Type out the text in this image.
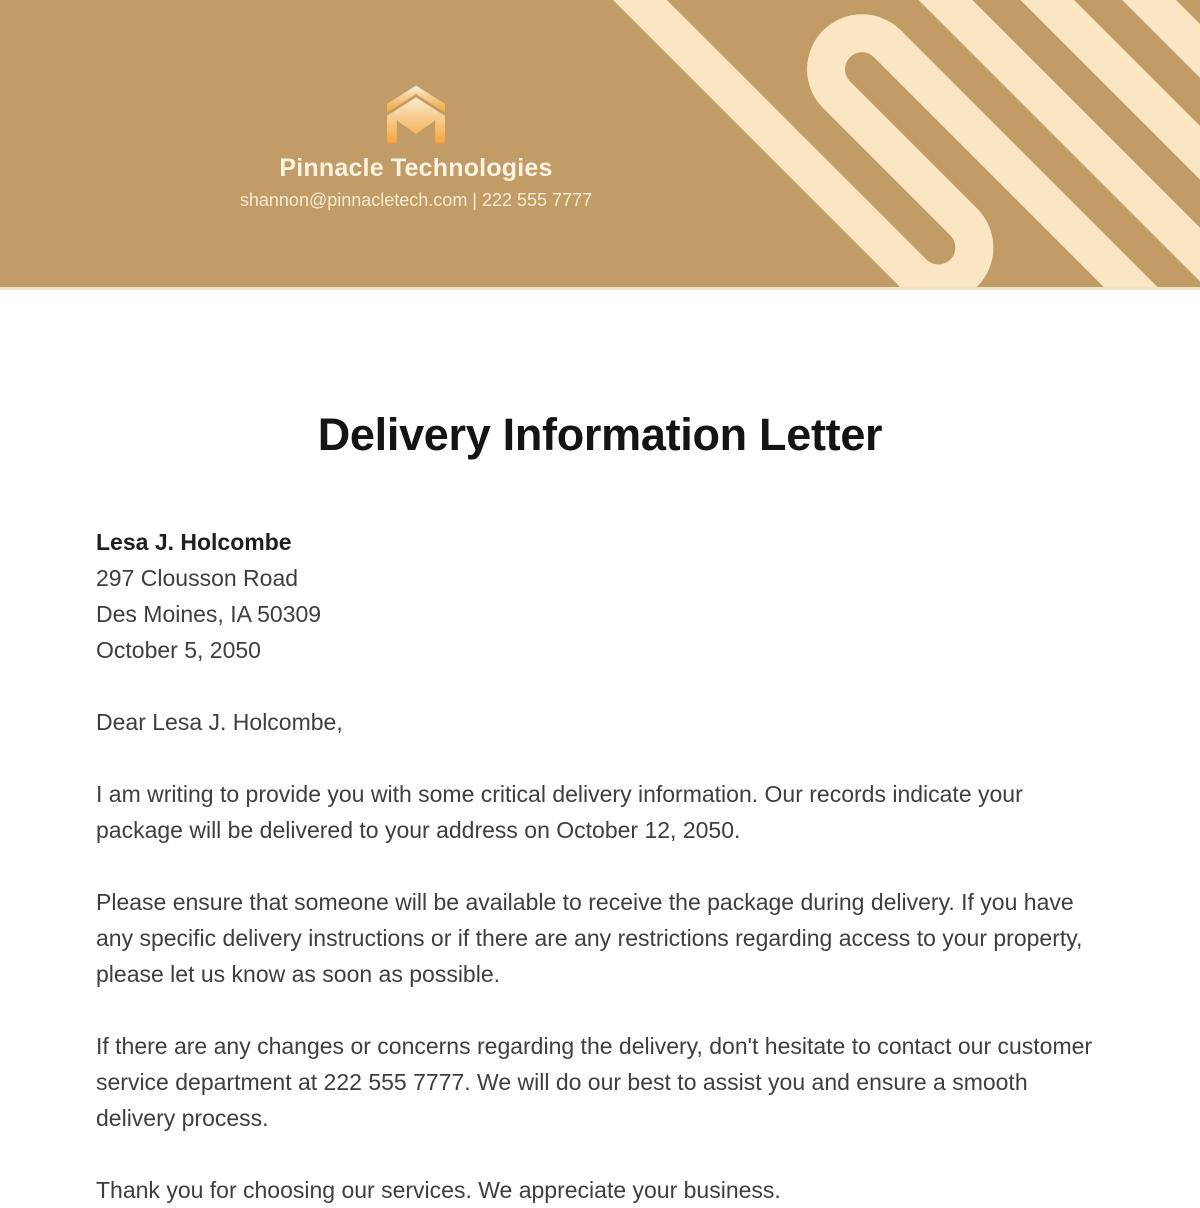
Pinnacle Technologies
shannon@pinnacletech.com | 222 555 7777
Delivery Information Letter
Lesa J. Holcombe
297 Clousson Road
Des Moines, IA 50309
October 5, 2050
Dear Lesa J. Holcombe,

I am writing to provide you with some critical delivery information. Our records indicate your package will be delivered to your address on October 12, 2050.

Please ensure that someone will be available to receive the package during delivery. If you have any specific delivery instructions or if there are any restrictions regarding access to your property, please let us know as soon as possible.

If there are any changes or concerns regarding the delivery, don't hesitate to contact our customer service department at 222 555 7777. We will do our best to assist you and ensure a smooth delivery process.

Thank you for choosing our services. We appreciate your business.
